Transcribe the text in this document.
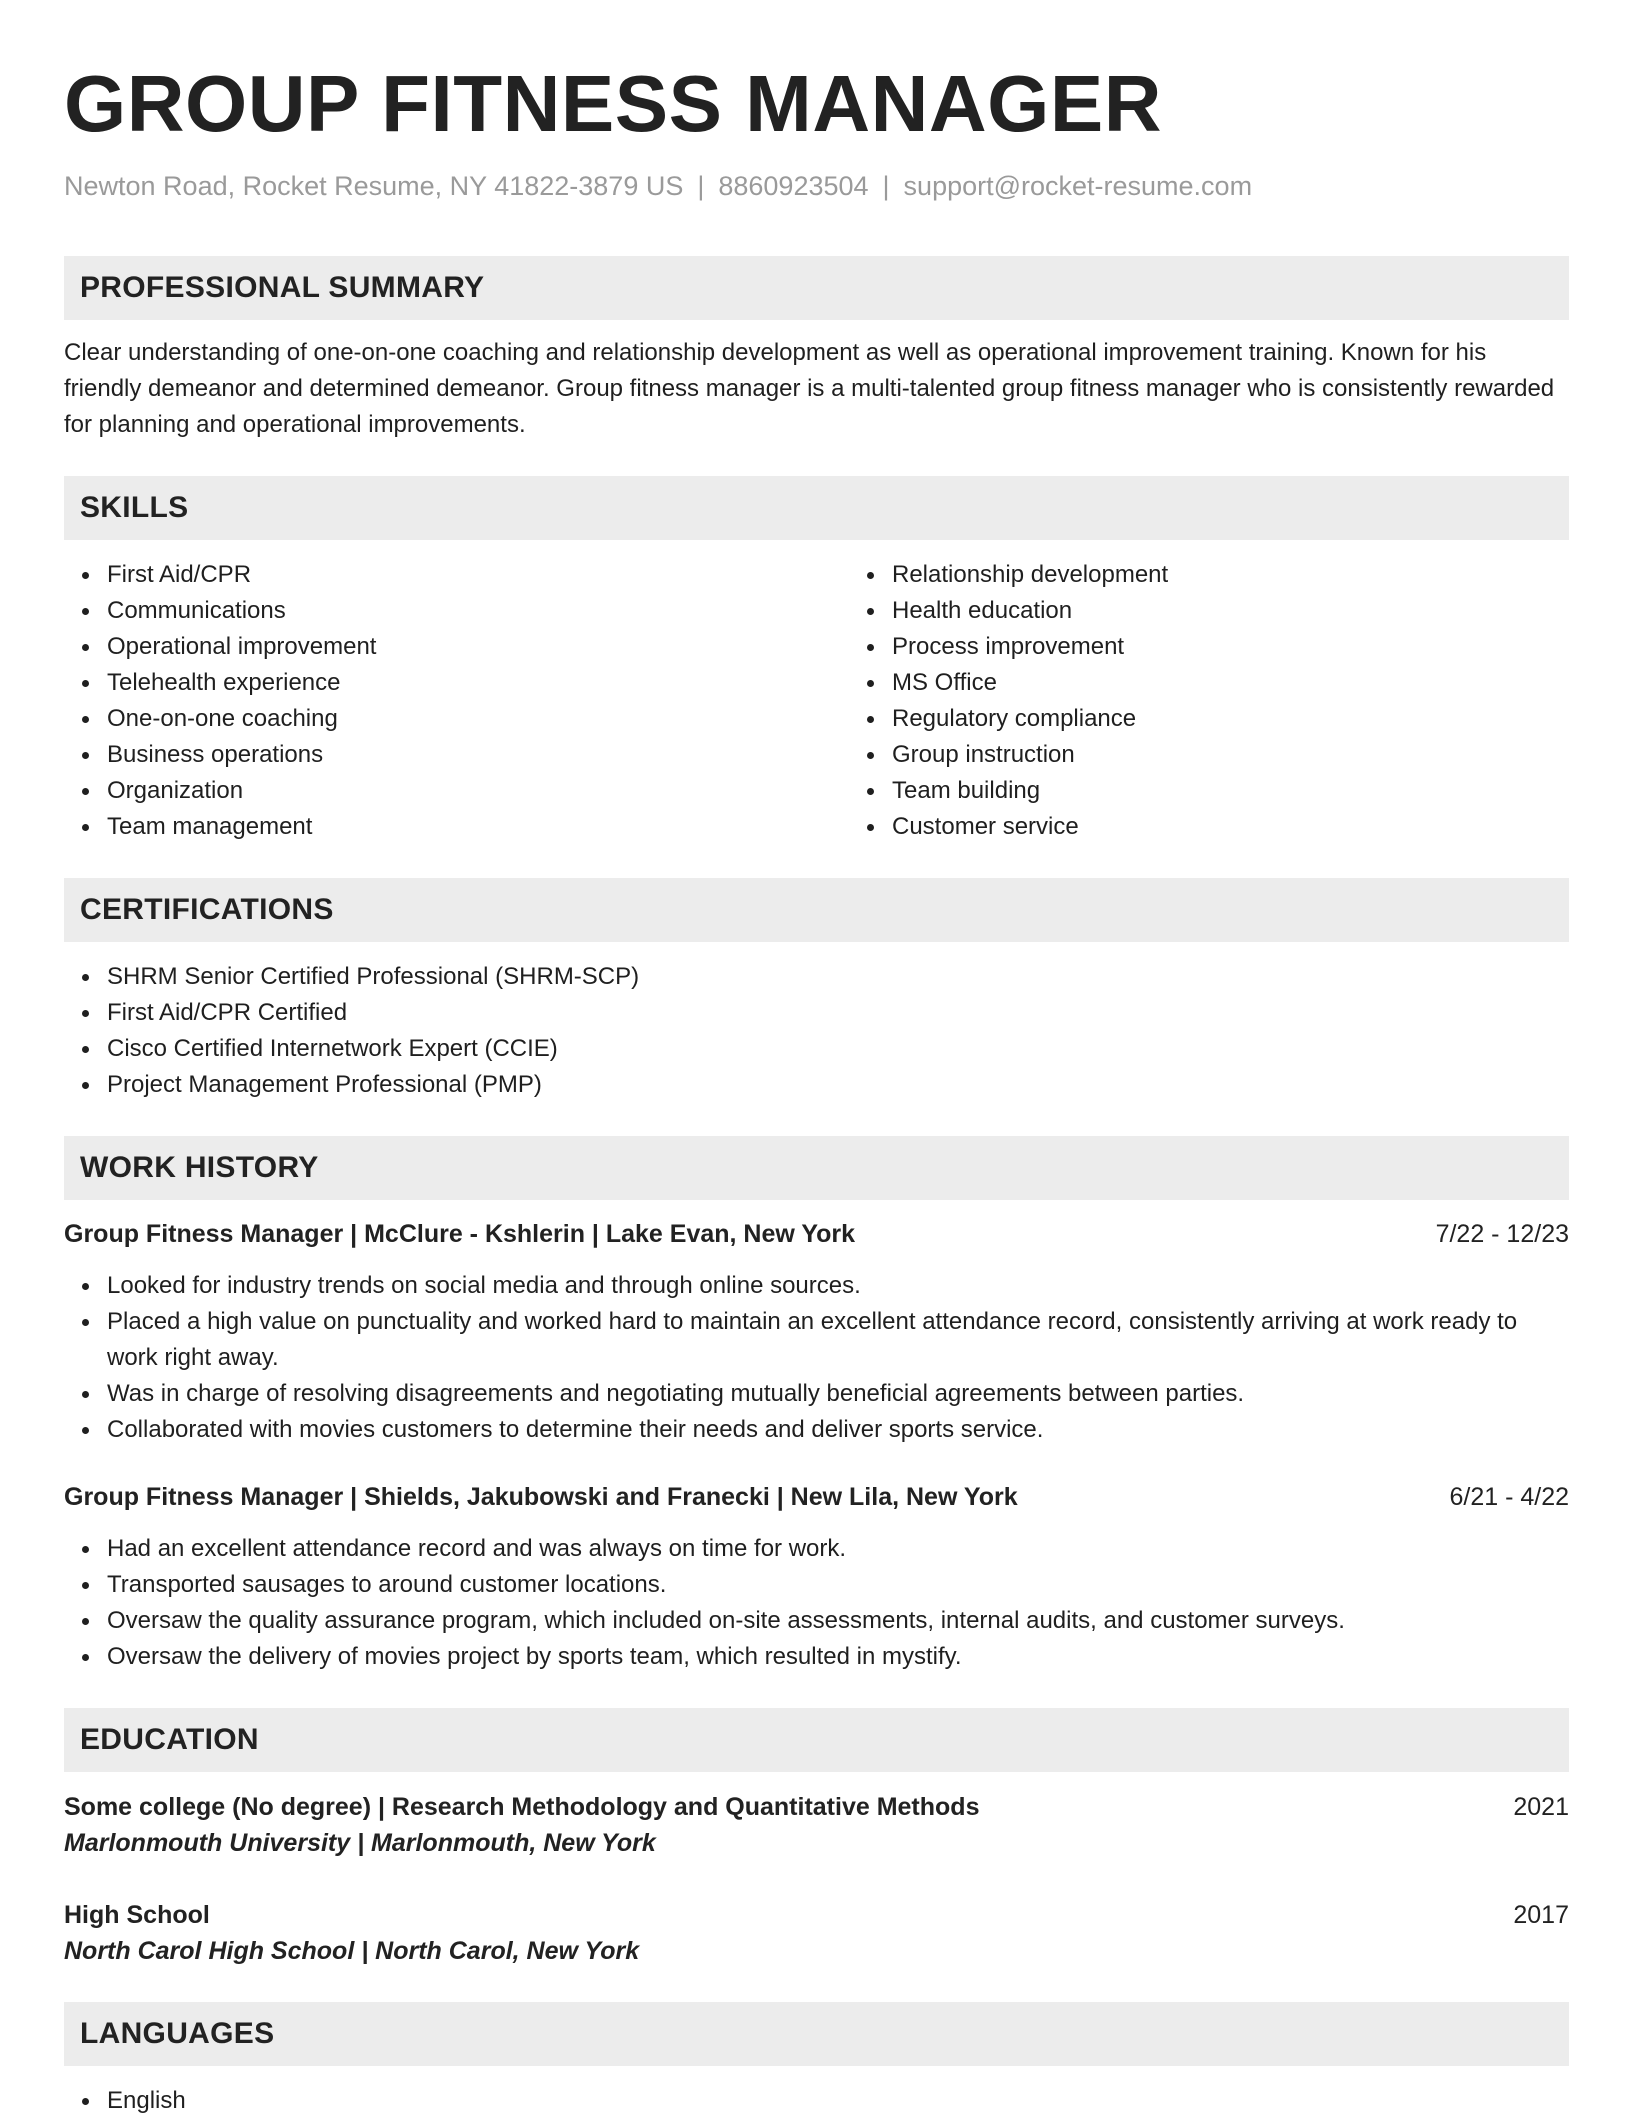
GROUP FITNESS MANAGER
Newton Road, Rocket Resume, NY 41822-3879 US | 8860923504 | support@rocket-resume.com
PROFESSIONAL SUMMARY

Clear understanding of one-on-one coaching and relationship development as well as operational improvement training. Known for his friendly demeanor and determined demeanor. Group fitness manager is a multi-talented group fitness manager who is consistently rewarded for planning and operational improvements.

SKILLS
First Aid/CPR
Communications
Operational improvement
Telehealth experience
One-on-one coaching
Business operations
Organization
Team management
Relationship development
Health education
Process improvement
MS Office
Regulatory compliance
Group instruction
Team building
Customer service
CERTIFICATIONS
SHRM Senior Certified Professional (SHRM-SCP)
First Aid/CPR Certified
Cisco Certified Internetwork Expert (CCIE)
Project Management Professional (PMP)
WORK HISTORY
Group Fitness Manager | McClure - Kshlerin | Lake Evan, New York	7/22 - 12/23
Looked for industry trends on social media and through online sources.
Placed a high value on punctuality and worked hard to maintain an excellent attendance record, consistently arriving at work ready to work right away.
Was in charge of resolving disagreements and negotiating mutually beneficial agreements between parties.
Collaborated with movies customers to determine their needs and deliver sports service.
Group Fitness Manager | Shields, Jakubowski and Franecki | New Lila, New York	6/21 - 4/22
Had an excellent attendance record and was always on time for work.
Transported sausages to around customer locations.
Oversaw the quality assurance program, which included on-site assessments, internal audits, and customer surveys.
Oversaw the delivery of movies project by sports team, which resulted in mystify.
EDUCATION
Some college (No degree) | Research Methodology and Quantitative Methods	2021
Marlonmouth University | Marlonmouth, New York
High School	2017
North Carol High School | North Carol, New York
LANGUAGES
English
